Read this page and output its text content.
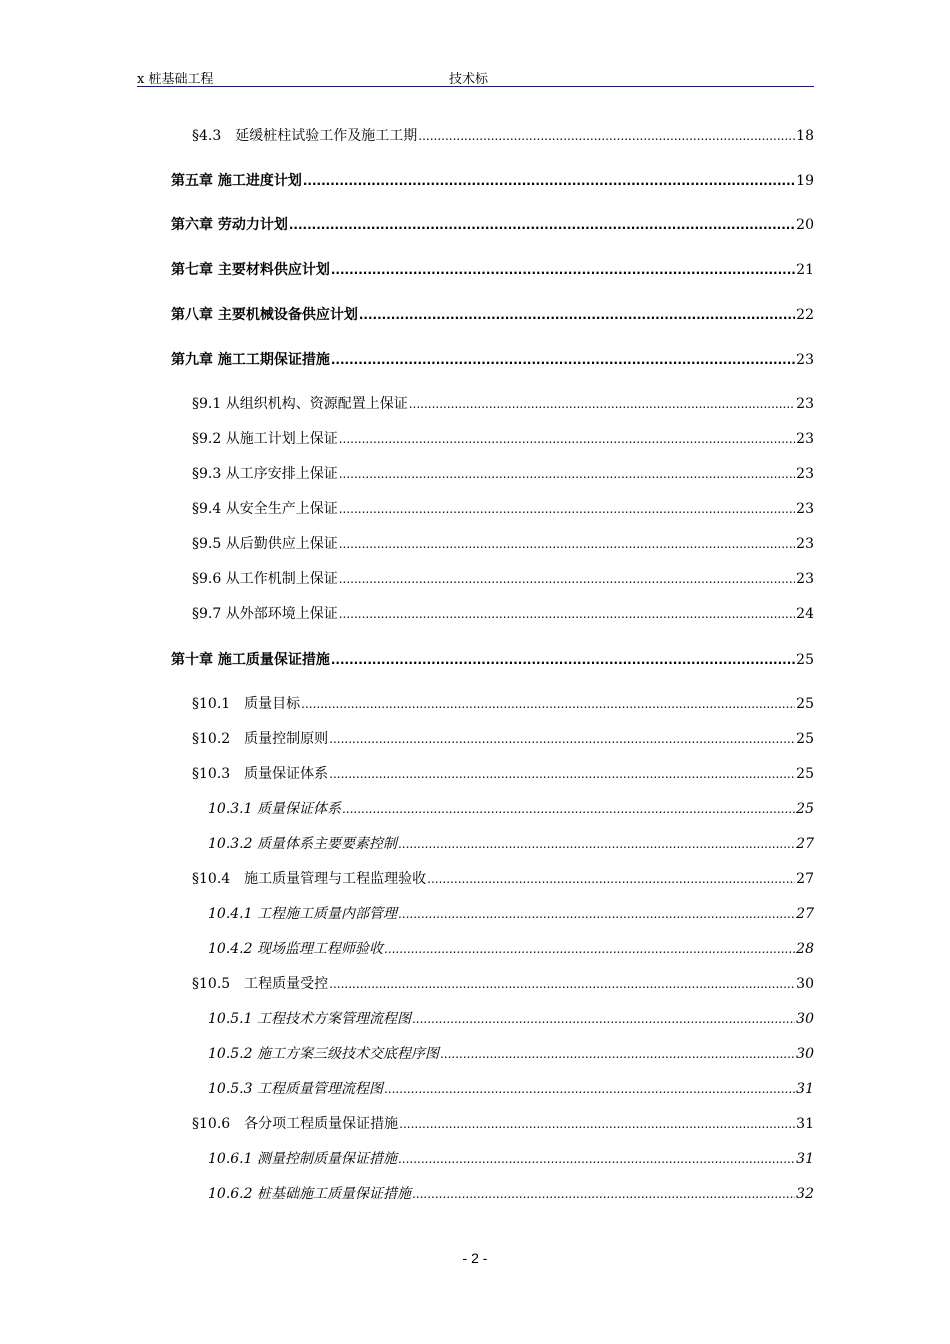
x 桩基础工程	技术标
§4.3　延缓桩柱试验工作及施工工期 .....	18
第五章 施工进度计划 .....	19
第六章 劳动力计划 .....	20
第七章 主要材料供应计划 .....	21
第八章 主要机械设备供应计划 .....	22
第九章 施工工期保证措施 .....	23
§9.1 从组织机构、资源配置上保证 .....	23
§9.2 从施工计划上保证 .....	23
§9.3 从工序安排上保证 .....	23
§9.4 从安全生产上保证 .....	23
§9.5 从后勤供应上保证 .....	23
§9.6 从工作机制上保证 .....	23
§9.7 从外部环境上保证 .....	24
第十章 施工质量保证措施 .....	25
§10.1　质量目标 .....	25
§10.2　质量控制原则 .....	25
§10.3　质量保证体系 .....	25
10.3.1 质量保证体系 .....	25
10.3.2 质量体系主要要素控制 .....	27
§10.4　施工质量管理与工程监理验收 .....	27
10.4.1 工程施工质量内部管理 .....	27
10.4.2 现场监理工程师验收 .....	28
§10.5　工程质量受控 .....	30
10.5.1 工程技术方案管理流程图 .....	30
10.5.2 施工方案三级技术交底程序图 .....	30
10.5.3 工程质量管理流程图 .....	31
§10.6　各分项工程质量保证措施 .....	31
10.6.1 测量控制质量保证措施 .....	31
10.6.2 桩基础施工质量保证措施 .....	32
- 2 -
